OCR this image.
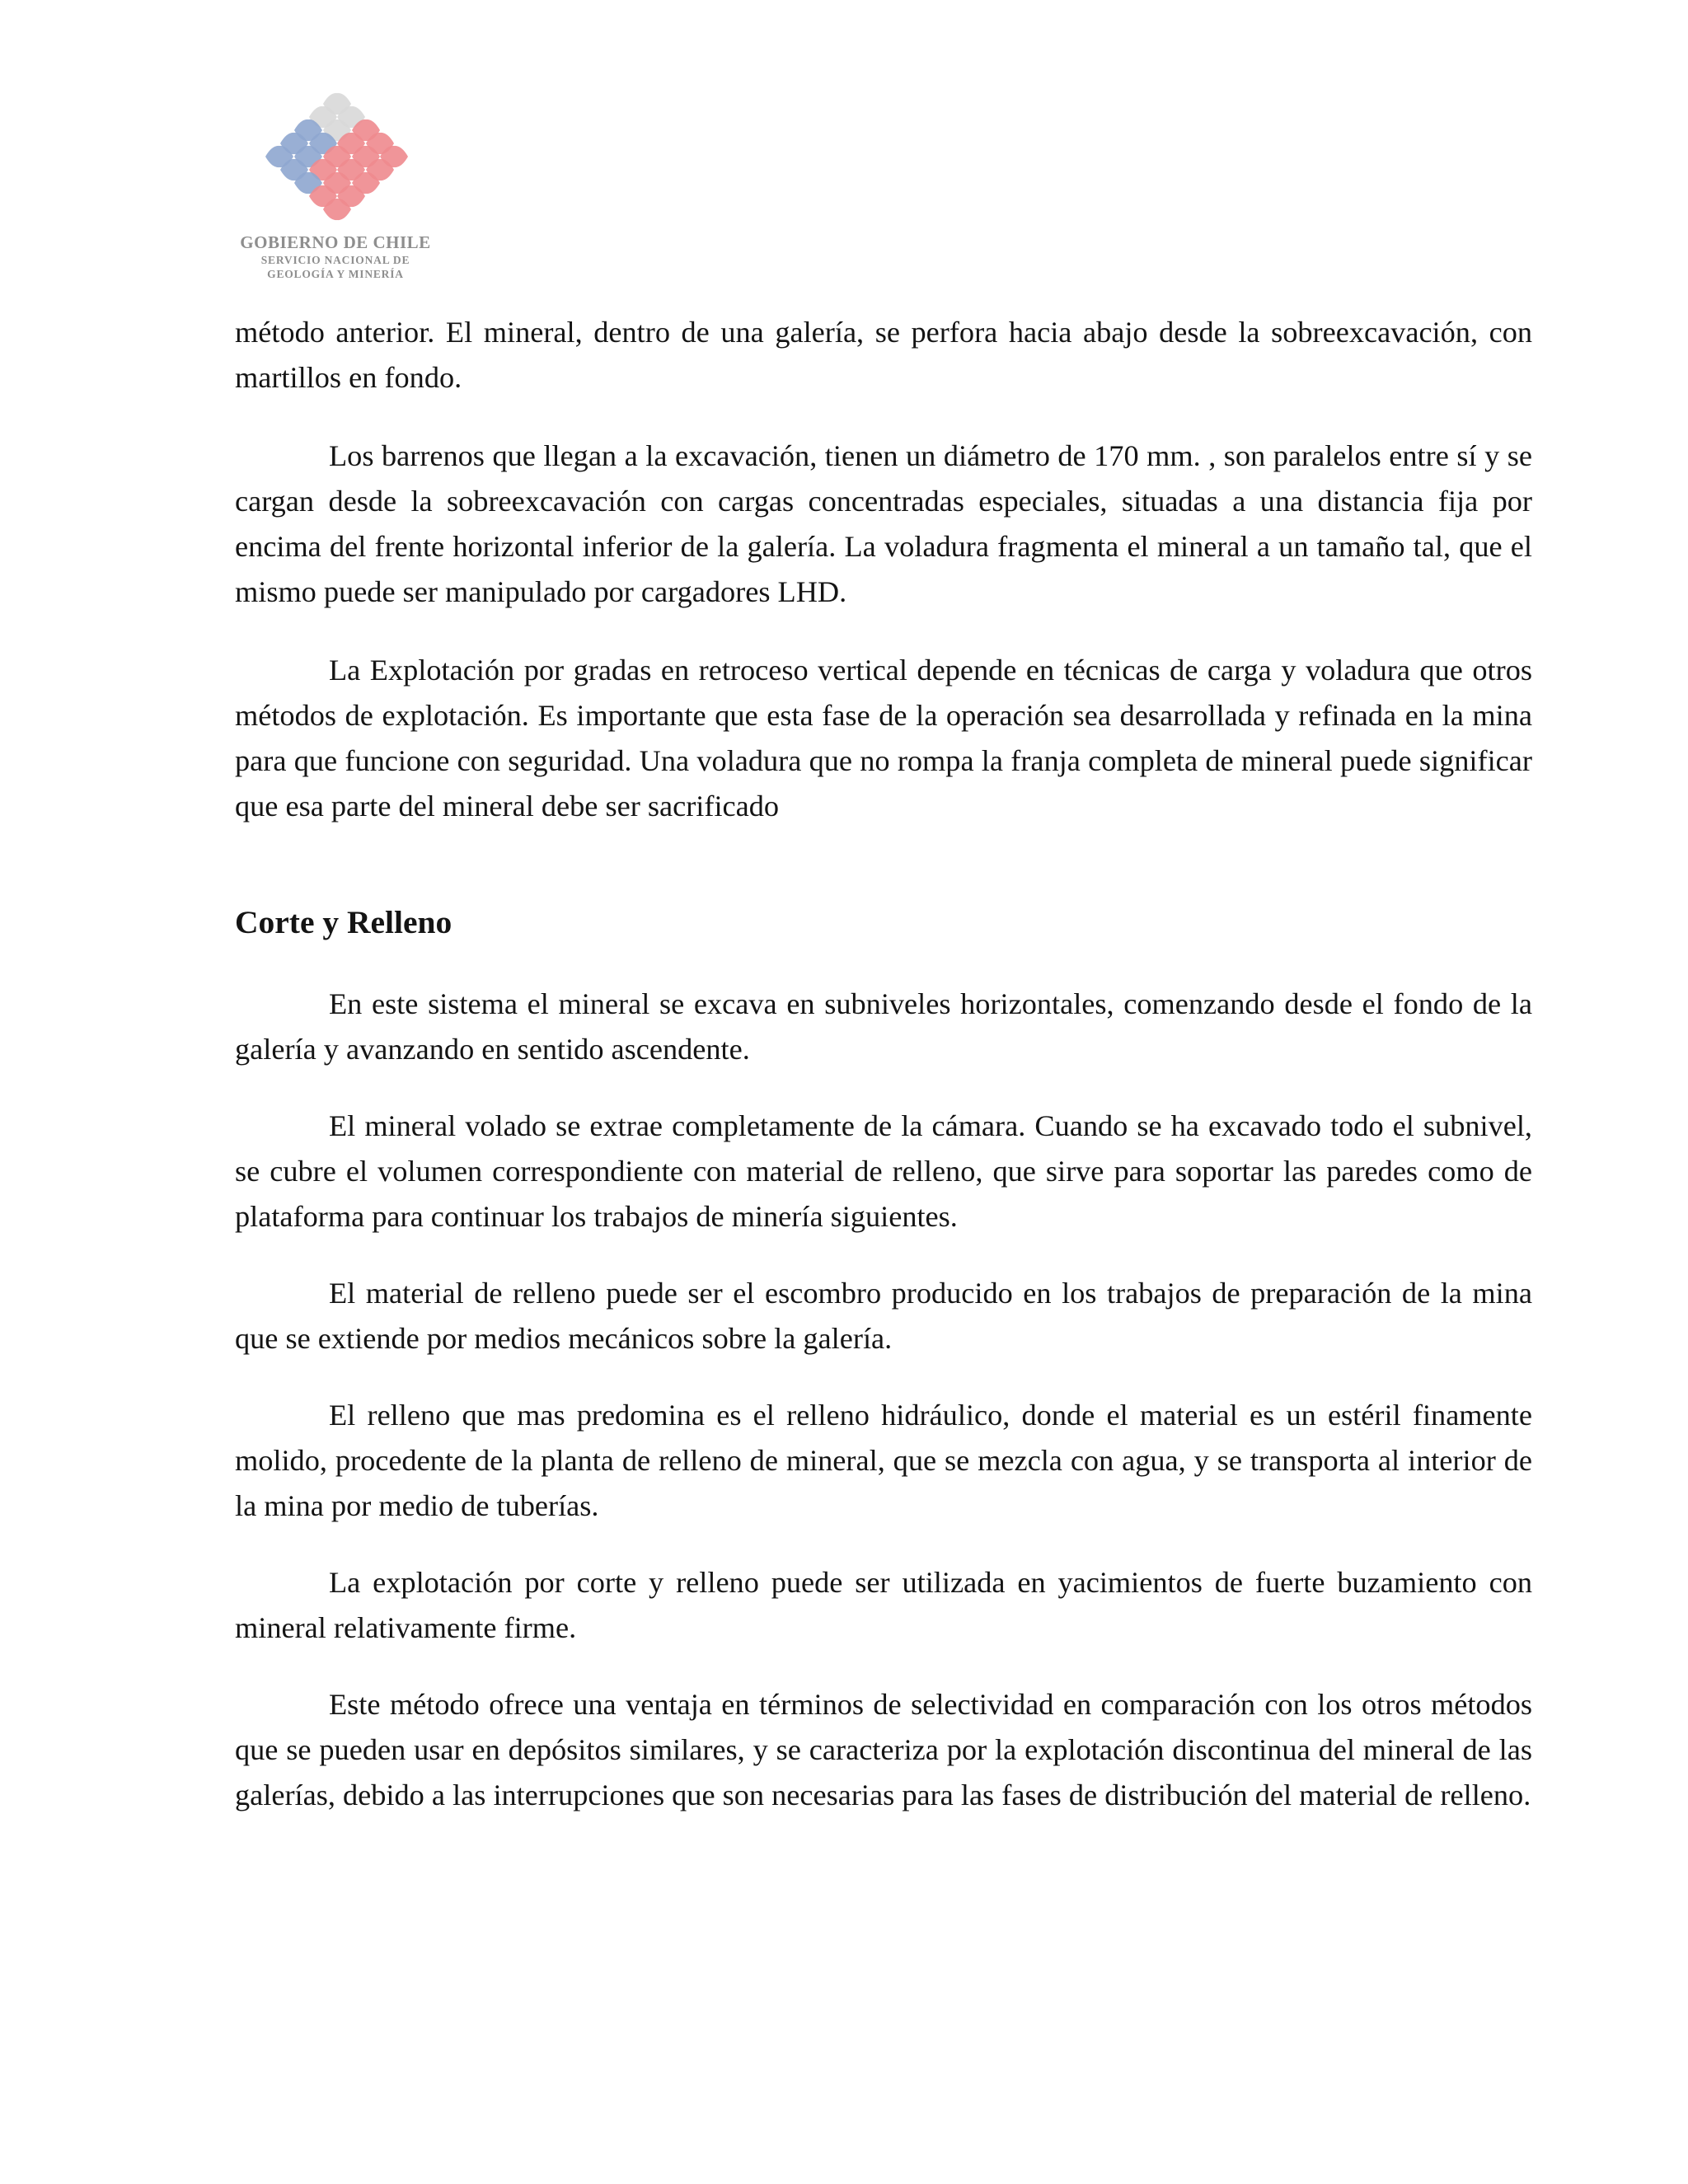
GOBIERNO DE CHILE
SERVICIO NACIONAL DE
GEOLOGÍA Y MINERÍA

método anterior. El mineral, dentro de una galería, se perfora hacia abajo desde la sobreexcavación, con martillos en fondo.

Los barrenos que llegan a la excavación, tienen un diámetro de 170 mm. , son paralelos entre sí y se cargan desde la sobreexcavación con cargas concentradas especiales, situadas a una distancia fija por encima del frente horizontal inferior de la galería. La voladura fragmenta el mineral a un tamaño tal, que el mismo puede ser manipulado por cargadores LHD.

La Explotación por gradas en retroceso vertical depende en técnicas de carga y voladura que otros métodos de explotación. Es importante que esta fase de la operación sea desarrollada y refinada en la mina para que funcione con seguridad. Una voladura que no rompa la franja completa de mineral puede significar que esa parte del mineral debe ser sacrificado

Corte y Relleno

En este sistema el mineral se excava en subniveles horizontales, comenzando desde el fondo de la galería y avanzando en sentido ascendente.

El mineral volado se extrae completamente de la cámara. Cuando se ha excavado todo el subnivel, se cubre el volumen correspondiente con material de relleno, que sirve para soportar las paredes como de plataforma para continuar los trabajos de minería siguientes.

El material de relleno puede ser el escombro producido en los trabajos de preparación de la mina que se extiende por medios mecánicos sobre la galería.

El relleno que mas predomina es el relleno hidráulico, donde el material es un estéril finamente molido, procedente de la planta de relleno de mineral, que se mezcla con agua, y se transporta al interior de la mina por medio de tuberías.

La explotación por corte y relleno puede ser utilizada en yacimientos de fuerte buzamiento con mineral relativamente firme.

Este método ofrece una ventaja en términos de selectividad en comparación con los otros métodos que se pueden usar en depósitos similares, y se caracteriza por la explotación discontinua del mineral de las galerías, debido a las interrupciones que son necesarias para las fases de distribución del material de relleno.
